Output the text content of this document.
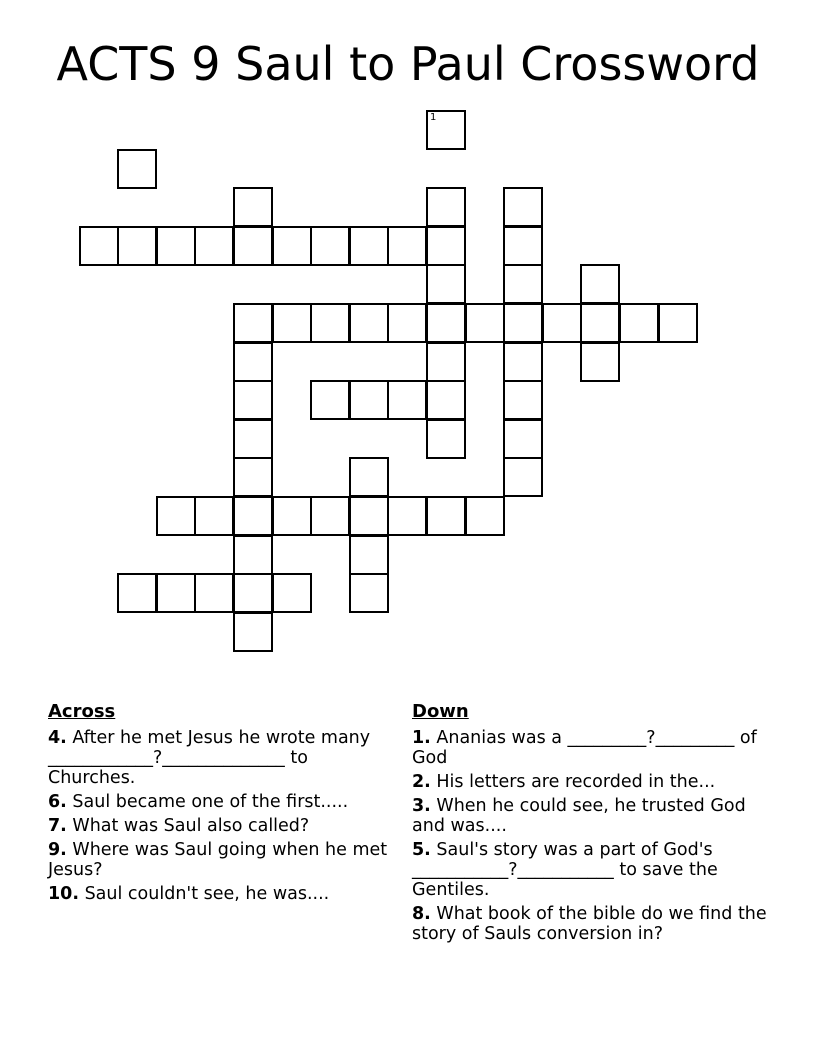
ACTS 9 Saul to Paul Crossword
1
Across
4. After he met Jesus he wrote many ____________?______________ to Churches.
6. Saul became one of the first.....
7. What was Saul also called?
9. Where was Saul going when he met Jesus?
10. Saul couldn't see, he was....
Down
1. Ananias was a _________?_________ of God
2. His letters are recorded in the...
3. When he could see, he trusted God and was....
5. Saul's story was a part of God's ___________?___________ to save the Gentiles.
8. What book of the bible do we find the story of Sauls conversion in?
